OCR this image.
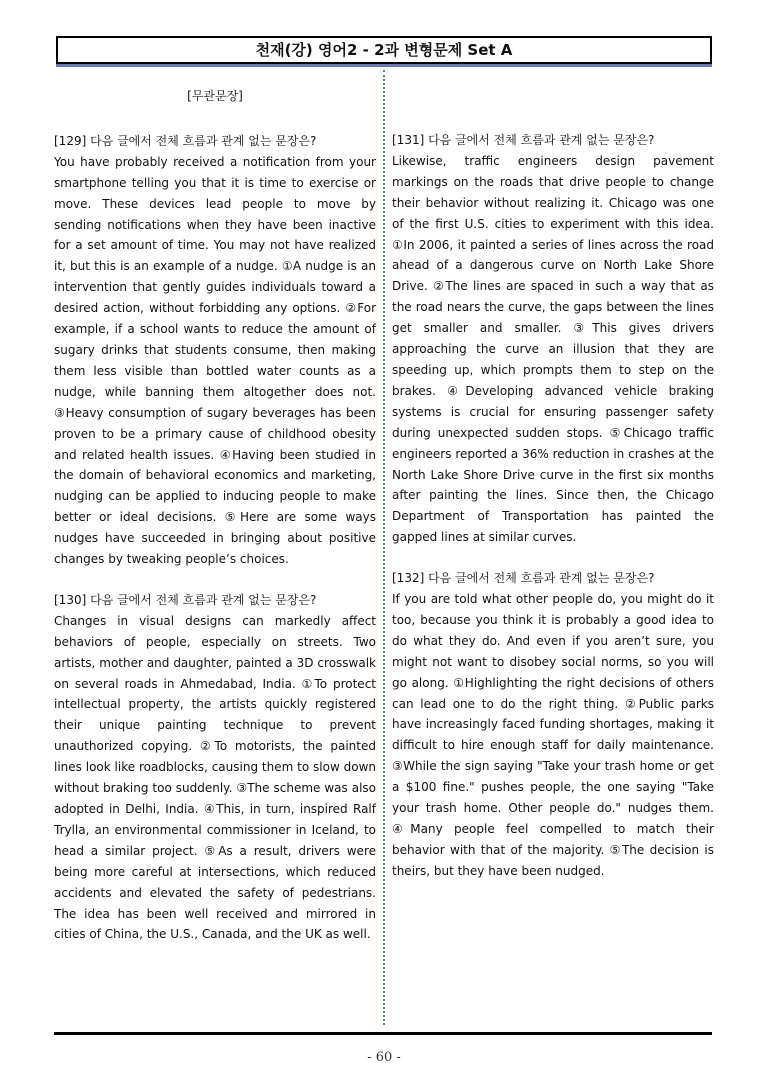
천재(강) 영어2 - 2과 변형문제 Set A
[무관문장]

[129] 다음 글에서 전체 흐름과 관계 없는 문장은?

You have probably received a notification from your smartphone telling you that it is time to exercise or move. These devices lead people to move by sending notifications when they have been inactive for a set amount of time. You may not have realized it, but this is an example of a nudge. ①A nudge is an intervention that gently guides individuals toward a desired action, without forbidding any options. ②For example, if a school wants to reduce the amount of sugary drinks that students consume, then making them less visible than bottled water counts as a nudge, while banning them altogether does not. ③Heavy consumption of sugary beverages has been proven to be a primary cause of childhood obesity and related health issues. ④Having been studied in the domain of behavioral economics and marketing, nudging can be applied to inducing people to make better or ideal decisions. ⑤Here are some ways nudges have succeeded in bringing about positive changes by tweaking people’s choices.

[130] 다음 글에서 전체 흐름과 관계 없는 문장은?

Changes in visual designs can markedly affect behaviors of people, especially on streets. Two artists, mother and daughter, painted a 3D crosswalk on several roads in Ahmedabad, India. ①To protect intellectual property, the artists quickly registered their unique painting technique to prevent unauthorized copying. ②To motorists, the painted lines look like roadblocks, causing them to slow down without braking too suddenly. ③The scheme was also adopted in Delhi, India. ④This, in turn, inspired Ralf Trylla, an environmental commissioner in Iceland, to head a similar project. ⑤As a result, drivers were being more careful at intersections, which reduced accidents and elevated the safety of pedestrians. The idea has been well received and mirrored in cities of China, the U.S., Canada, and the UK as well.

[131] 다음 글에서 전체 흐름과 관계 없는 문장은?

Likewise, traffic engineers design pavement markings on the roads that drive people to change their behavior without realizing it. Chicago was one of the first U.S. cities to experiment with this idea. ①In 2006, it painted a series of lines across the road ahead of a dangerous curve on North Lake Shore Drive. ②The lines are spaced in such a way that as the road nears the curve, the gaps between the lines get smaller and smaller. ③This gives drivers approaching the curve an illusion that they are speeding up, which prompts them to step on the brakes. ④Developing advanced vehicle braking systems is crucial for ensuring passenger safety during unexpected sudden stops. ⑤Chicago traffic engineers reported a 36% reduction in crashes at the North Lake Shore Drive curve in the first six months after painting the lines. Since then, the Chicago Department of Transportation has painted the gapped lines at similar curves.

[132] 다음 글에서 전체 흐름과 관계 없는 문장은?

If you are told what other people do, you might do it too, because you think it is probably a good idea to do what they do. And even if you aren’t sure, you might not want to disobey social norms, so you will go along. ①Highlighting the right decisions of others can lead one to do the right thing. ②Public parks have increasingly faced funding shortages, making it difficult to hire enough staff for daily maintenance. ③While the sign saying "Take your trash home or get a $100 fine." pushes people, the one saying "Take your trash home. Other people do." nudges them. ④Many people feel compelled to match their behavior with that of the majority. ⑤The decision is theirs, but they have been nudged.

- 60 -
